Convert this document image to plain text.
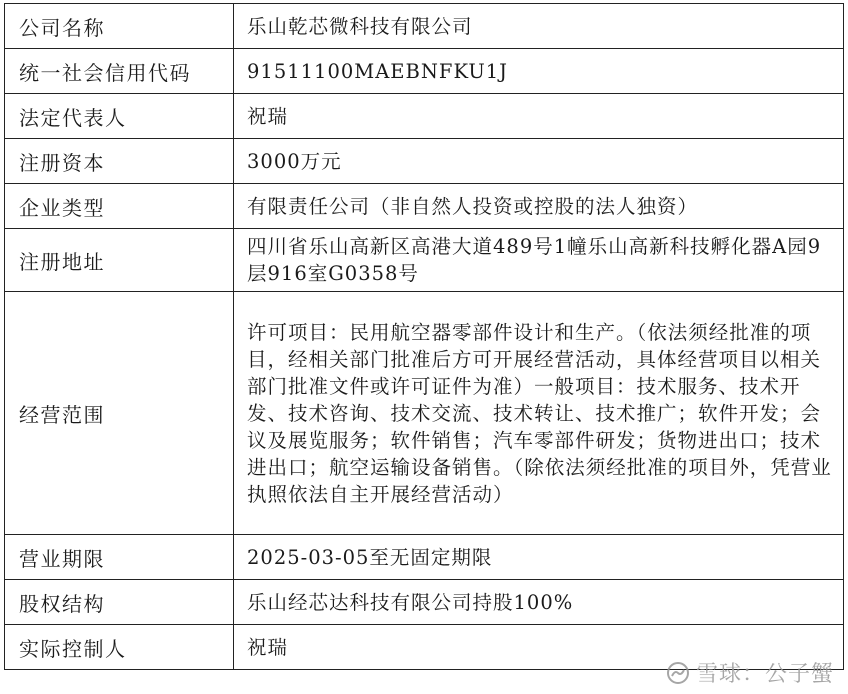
公司名称	乐山乾芯微科技有限公司
统一社会信用代码	91511100MAEBNFKU1J
法定代表人	祝瑞
注册资本	3000万元
企业类型	有限责任公司（非自然人投资或控股的法人独资）
注册地址	四川省乐山高新区高港大道489号1幢乐山高新科技孵化器A园9层916室G0358号
经营范围	许可项目：民用航空器零部件设计和生产。（依法须经批准的项目，经相关部门批准后方可开展经营活动，具体经营项目以相关部门批准文件或许可证件为准）一般项目：技术服务、技术开发、技术咨询、技术交流、技术转让、技术推广；软件开发；会议及展览服务；软件销售；汽车零部件研发；货物进出口；技术进出口；航空运输设备销售。（除依法须经批准的项目外，凭营业执照依法自主开展经营活动）
营业期限	2025-03-05至无固定期限
股权结构	乐山经芯达科技有限公司持股100%
实际控制人	祝瑞
雪球：公子蟹
